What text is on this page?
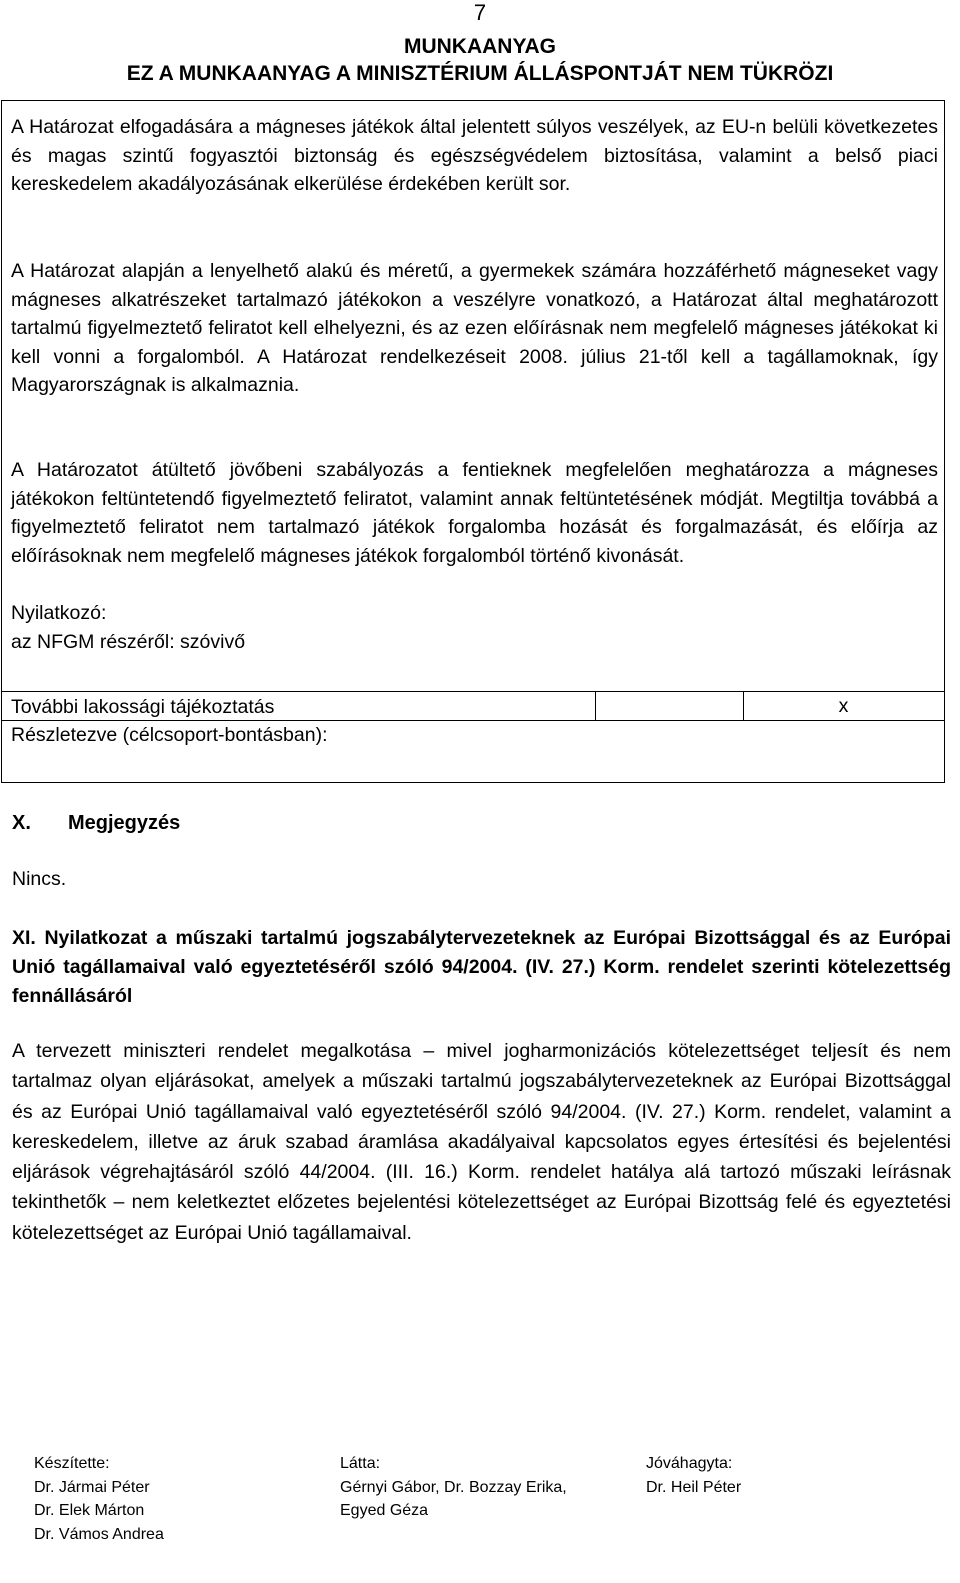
7
MUNKAANYAG
EZ A MUNKAANYAG A MINISZTÉRIUM ÁLLÁSPONTJÁT NEM TÜKRÖZI
A Határozat elfogadására a mágneses játékok által jelentett súlyos veszélyek, az EU-n belüli következetes és magas szintű fogyasztói biztonság és egészségvédelem biztosítása, valamint a belső piaci kereskedelem akadályozásának elkerülése érdekében került sor.
A Határozat alapján a lenyelhető alakú és méretű, a gyermekek számára hozzáférhető mágneseket vagy mágneses alkatrészeket tartalmazó játékokon a veszélyre vonatkozó, a Határozat által meghatározott tartalmú figyelmeztető feliratot kell elhelyezni, és az ezen előírásnak nem megfelelő mágneses játékokat ki kell vonni a forgalomból. A Határozat rendelkezéseit 2008. július 21-től kell a tagállamoknak, így Magyarországnak is alkalmaznia.
A Határozatot átültető jövőbeni szabályozás a fentieknek megfelelően meghatározza a mágneses játékokon feltüntetendő figyelmeztető feliratot, valamint annak feltüntetésének módját. Megtiltja továbbá a figyelmeztető feliratot nem tartalmazó játékok forgalomba hozását és forgalmazását, és előírja az előírásoknak nem megfelelő mágneses játékok forgalomból történő kivonását.
Nyilatkozó:
az NFGM részéről: szóvivő
További lakossági tájékoztatás	x
Részletezve (célcsoport-bontásban):
X. Megjegyzés
Nincs.
XI. Nyilatkozat a műszaki tartalmú jogszabálytervezeteknek az Európai Bizottsággal és az Európai Unió tagállamaival való egyeztetéséről szóló 94/2004. (IV. 27.) Korm. rendelet szerinti kötelezettség fennállásáról
A tervezett miniszteri rendelet megalkotása – mivel jogharmonizációs kötelezettséget teljesít és nem tartalmaz olyan eljárásokat, amelyek a műszaki tartalmú jogszabálytervezeteknek az Európai Bizottsággal és az Európai Unió tagállamaival való egyeztetéséről szóló 94/2004. (IV. 27.) Korm. rendelet, valamint a kereskedelem, illetve az áruk szabad áramlása akadályaival kapcsolatos egyes értesítési és bejelentési eljárások végrehajtásáról szóló 44/2004. (III. 16.) Korm. rendelet hatálya alá tartozó műszaki leírásnak tekinthetők – nem keletkeztet előzetes bejelentési kötelezettséget az Európai Bizottság felé és egyeztetési kötelezettséget az Európai Unió tagállamaival.
Készítette:
Dr. Jármai Péter
Dr. Elek Márton
Dr. Vámos Andrea
Látta:
Gérnyi Gábor, Dr. Bozzay Erika,
Egyed Géza
Jóváhagyta:
Dr. Heil Péter
